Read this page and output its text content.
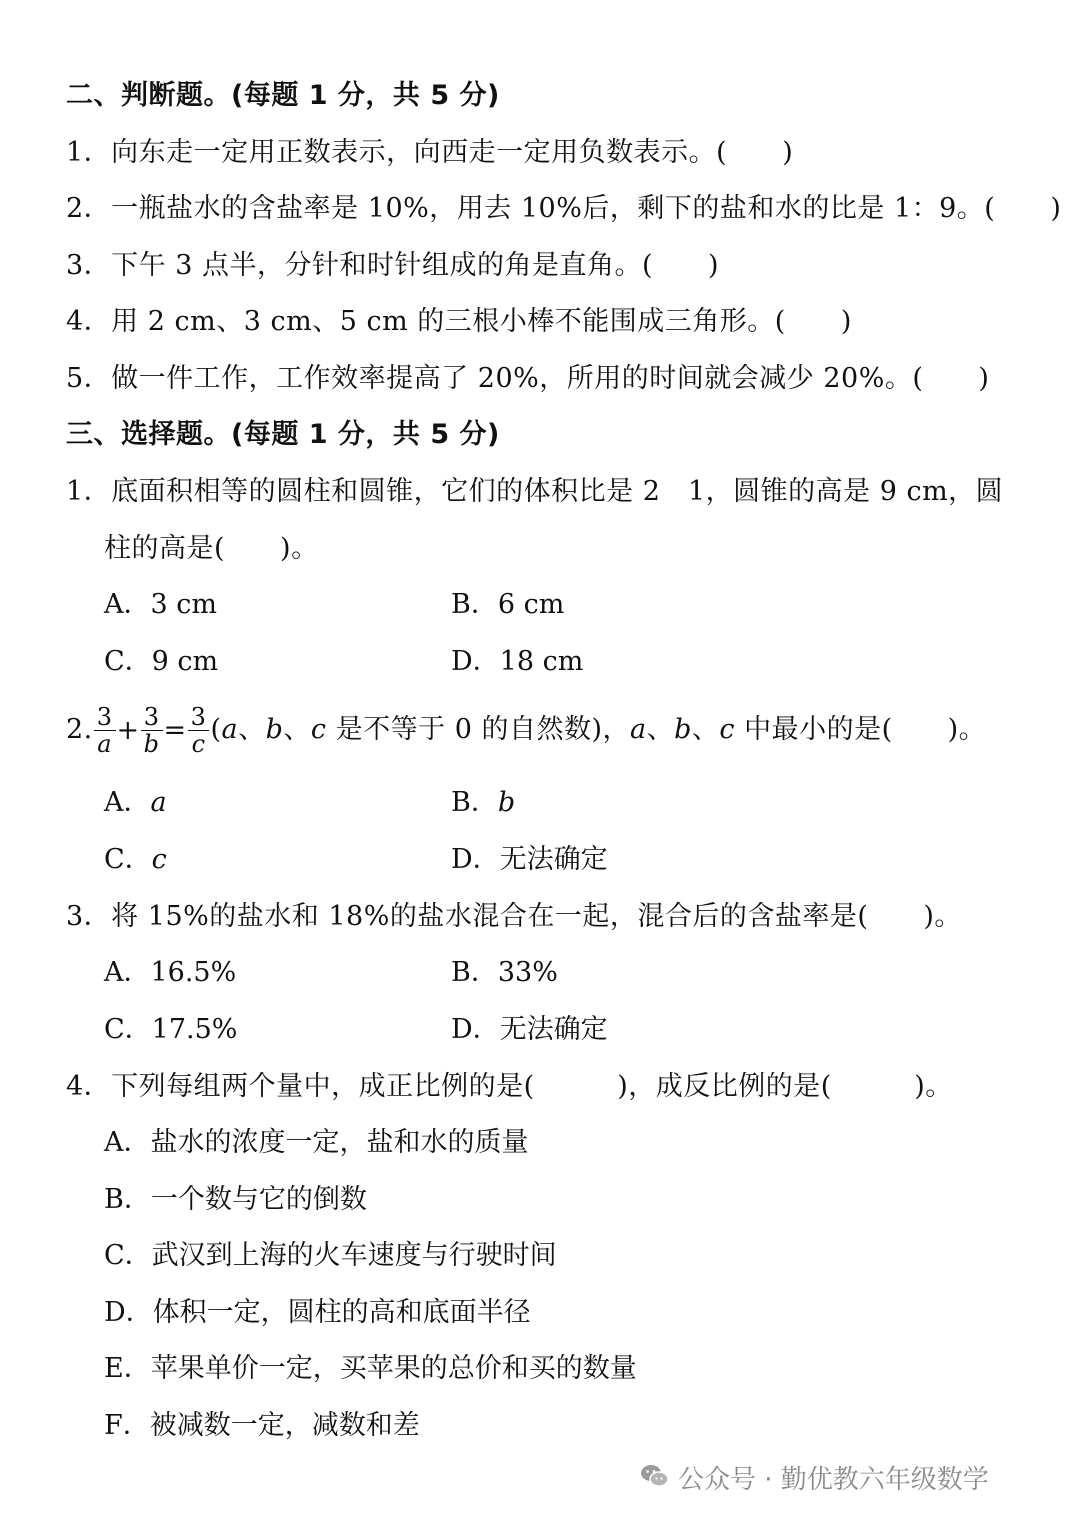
二、判断题。(每题 1 分，共 5 分)
1．向东走一定用正数表示，向西走一定用负数表示。(　　)
2．一瓶盐水的含盐率是 10%，用去 10%后，剩下的盐和水的比是 1：9。(　　)
3．下午 3 点半，分针和时针组成的角是直角。(　　)
4．用 2 cm、3 cm、5 cm 的三根小棒不能围成三角形。(　　)
5．做一件工作，工作效率提高了 20%，所用的时间就会减少 20%。(　　)
三、选择题。(每题 1 分，共 5 分)
1．底面积相等的圆柱和圆锥，它们的体积比是 2　1，圆锥的高是 9 cm，圆
柱的高是(　　)。
A．3 cm	B．6 cm
C．9 cm	D．18 cm
2. $\frac{3}{a} + \frac{3}{b} = \frac{3}{c} (a$、b、c 是不等于 0 的自然数)，a、b、c 中最小的是(　　)。
A．a	B．b
C．c	D．无法确定
3．将 15%的盐水和 18%的盐水混合在一起，混合后的含盐率是(　　)。
A．16.5%	B．33%
C．17.5%	D．无法确定
4．下列每组两个量中，成正比例的是(　　　)，成反比例的是(　　　)。
A．盐水的浓度一定，盐和水的质量
B．一个数与它的倒数
C．武汉到上海的火车速度与行驶时间
D．体积一定，圆柱的高和底面半径
E．苹果单价一定，买苹果的总价和买的数量
F．被减数一定，减数和差
公众号 · 勤优教六年级数学
